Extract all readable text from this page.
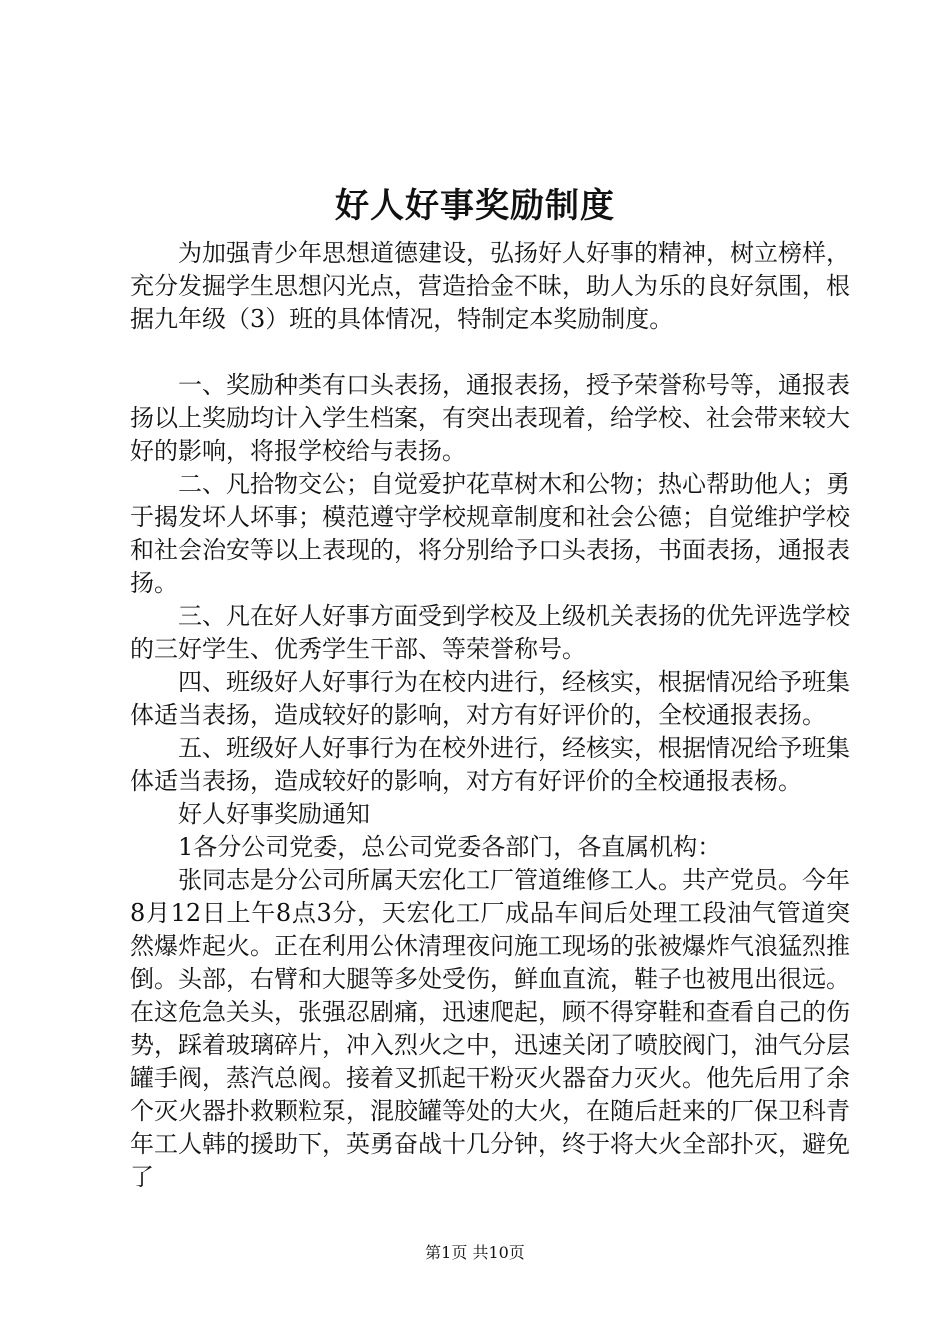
好人好事奖励制度

为加强青少年思想道德建设，弘扬好人好事的精神，树立榜样，充分发掘学生思想闪光点，营造拾金不昧，助人为乐的良好氛围，根据九年级（3）班的具体情况，特制定本奖励制度。

一、奖励种类有口头表扬，通报表扬，授予荣誉称号等，通报表扬以上奖励均计入学生档案，有突出表现着，给学校、社会带来较大好的影响，将报学校给与表扬。

二、凡拾物交公；自觉爱护花草树木和公物；热心帮助他人；勇于揭发坏人坏事；模范遵守学校规章制度和社会公德；自觉维护学校和社会治安等以上表现的，将分别给予口头表扬，书面表扬，通报表扬。

三、凡在好人好事方面受到学校及上级机关表扬的优先评选学校的三好学生、优秀学生干部、等荣誉称号。

四、班级好人好事行为在校内进行，经核实，根据情况给予班集体适当表扬，造成较好的影响，对方有好评价的，全校通报表扬。

五、班级好人好事行为在校外进行，经核实，根据情况给予班集体适当表扬，造成较好的影响，对方有好评价的全校通报表杨。

好人好事奖励通知

1各分公司党委，总公司党委各部门，各直属机构：

张同志是分公司所属天宏化工厂管道维修工人。共产党员。今年8月12日上午8点3分，天宏化工厂成品车间后处理工段油气管道突然爆炸起火。正在利用公休清理夜问施工现场的张被爆炸气浪猛烈推倒。头部，右臂和大腿等多处受伤，鲜血直流，鞋子也被甩出很远。在这危急关头，张强忍剧痛，迅速爬起，顾不得穿鞋和查看自己的伤势，踩着玻璃碎片，冲入烈火之中，迅速关闭了喷胶阀门，油气分层罐手阀，蒸汽总阀。接着叉抓起干粉灭火器奋力灭火。他先后用了余个灭火器扑救颗粒泵，混胶罐等处的大火，在随后赶来的厂保卫科青年工人韩的援助下，英勇奋战十几分钟，终于将大火全部扑灭，避免了

第1页 共10页
